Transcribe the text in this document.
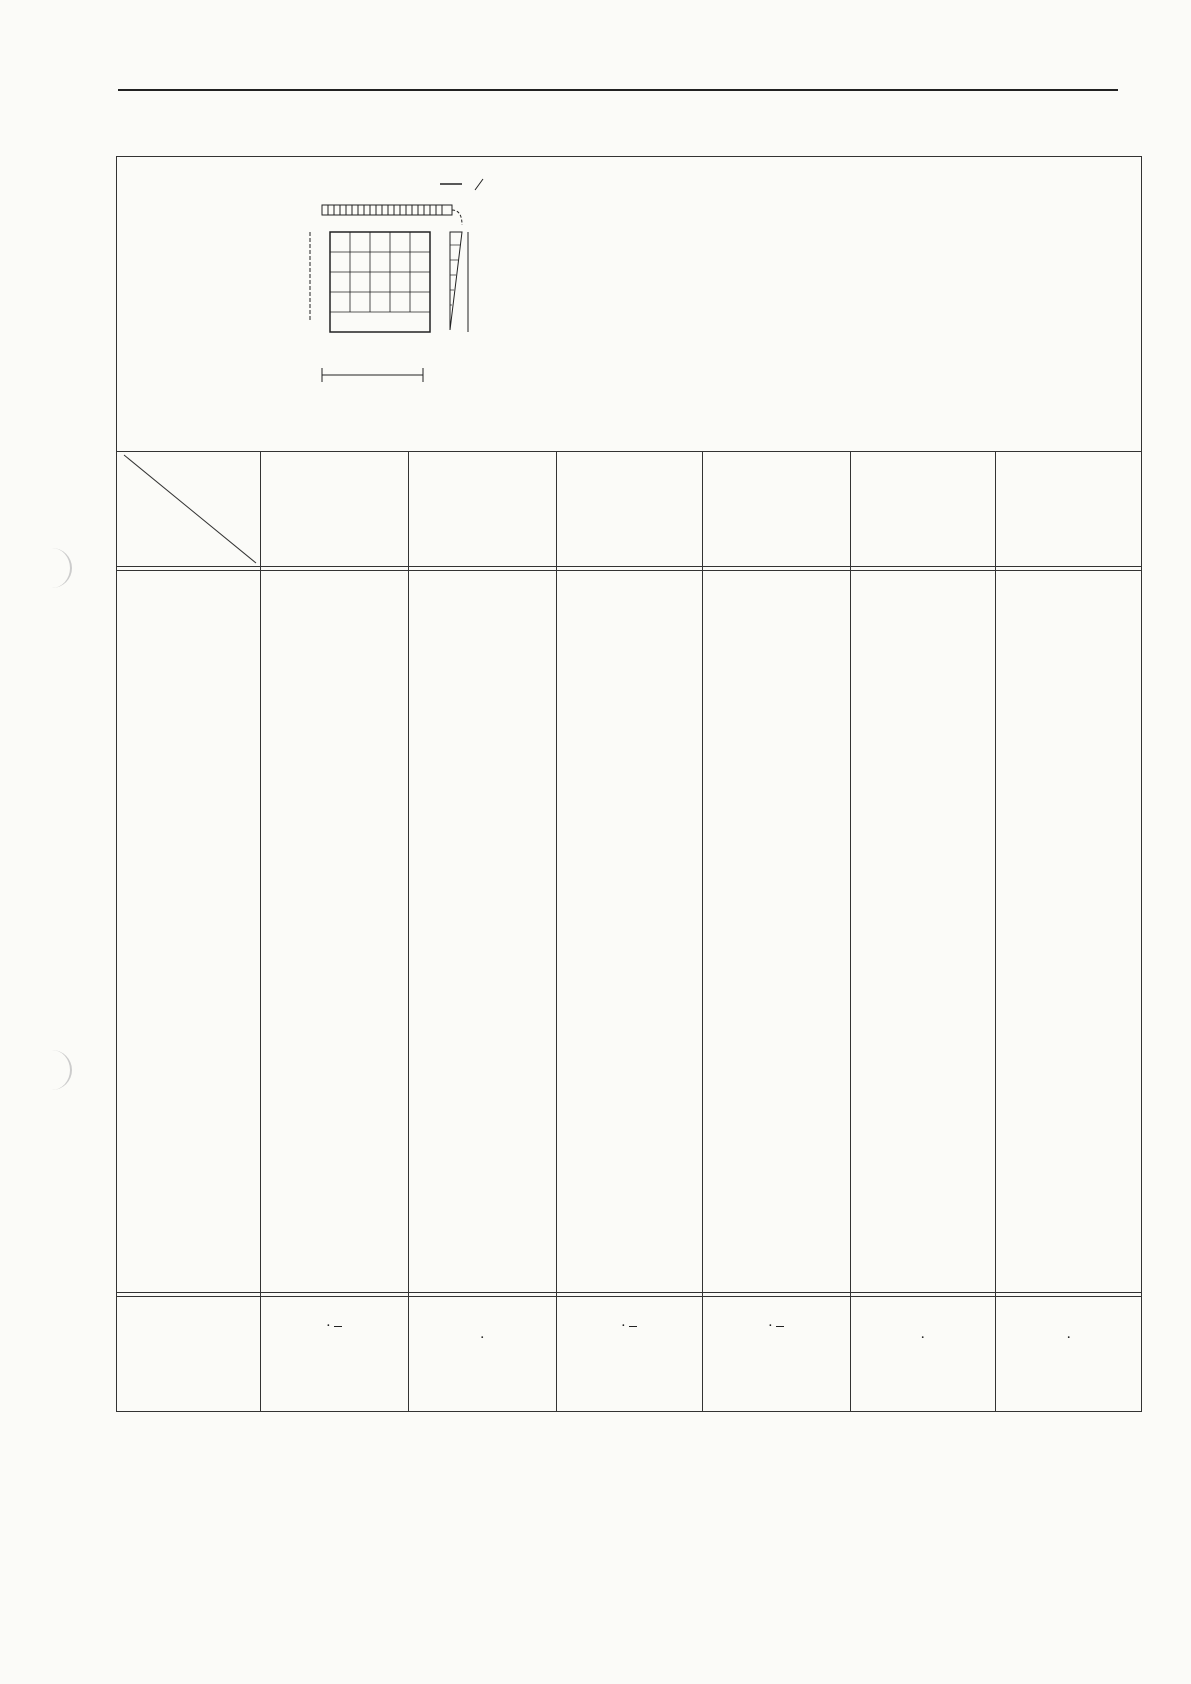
·
·
·	·
·	·
